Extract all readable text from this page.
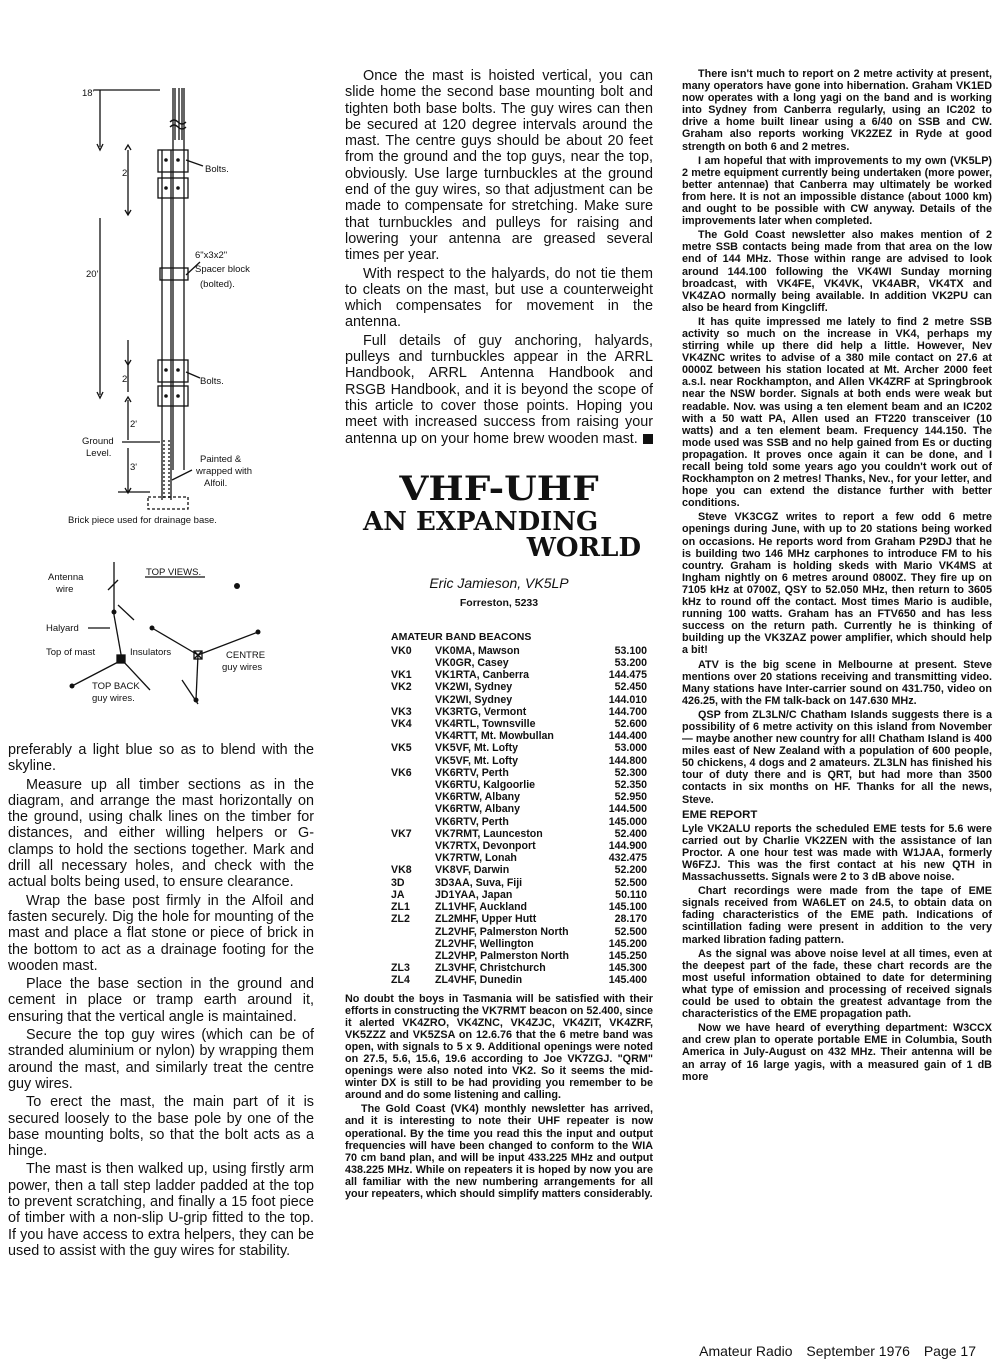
18'
2'	Bolts.
6"x3x2"
Spacer block
(bolted).
20'
2'	Bolts.
2'
Ground
Level.
3'
Painted &
wrapped with
Alfoil.
Brick piece used for drainage base.
Antenna
wire
TOP VIEWS.
Halyard
Top of mast	Insulators	CENTRE
guy wires
TOP BACK
guy wires.

preferably a light blue so as to blend with the skyline.

Measure up all timber sections as in the diagram, and arrange the mast horizontally on the ground, using chalk lines on the timber for distances, and either willing helpers or G-clamps to hold the sections together. Mark and drill all necessary holes, and check with the actual bolts being used, to ensure clearance.

Wrap the base post firmly in the Alfoil and fasten securely. Dig the hole for mounting of the mast and place a flat stone or piece of brick in the bottom to act as a drainage footing for the wooden mast.

Place the base section in the ground and cement in place or tramp earth around it, ensuring that the vertical angle is maintained.

Secure the top guy wires (which can be of stranded aluminium or nylon) by wrapping them around the mast, and similarly treat the centre guy wires.

To erect the mast, the main part of it is secured loosely to the base pole by one of the base mounting bolts, so that the bolt acts as a hinge.

The mast is then walked up, using firstly arm power, then a tall step ladder padded at the top to prevent scratching, and finally a 15 foot piece of timber with a non-slip U-grip fitted to the top. If you have access to extra helpers, they can be used to assist with the guy wires for stability.

Once the mast is hoisted vertical, you can slide home the second base mounting bolt and tighten both base bolts. The guy wires can then be secured at 120 degree intervals around the mast. The centre guys should be about 20 feet from the ground and the top guys, near the top, obviously. Use large turnbuckles at the ground end of the guy wires, so that adjustment can be made to compensate for stretching. Make sure that turnbuckles and pulleys for raising and lowering your antenna are greased several times per year.

With respect to the halyards, do not tie them to cleats on the mast, but use a counterweight which compensates for movement in the antenna.

Full details of guy anchoring, halyards, pulleys and turnbuckles appear in the ARRL Handbook, ARRL Antenna Handbook and RSGB Handbook, and it is beyond the scope of this article to cover those points. Hoping you meet with increased success from raising your antenna up on your home brew wooden mast.

VHF-UHF
AN EXPANDING
WORLD
Eric Jamieson, VK5LP
Forreston, 5233
AMATEUR BAND BEACONS
VK0	VK0MA, Mawson	53.100
	VK0GR, Casey	53.200
VK1	VK1RTA, Canberra	144.475
VK2	VK2WI, Sydney	52.450
	VK2WI, Sydney	144.010
VK3	VK3RTG, Vermont	144.700
VK4	VK4RTL, Townsville	52.600
	VK4RTT, Mt. Mowbullan	144.400
VK5	VK5VF, Mt. Lofty	53.000
	VK5VF, Mt. Lofty	144.800
VK6	VK6RTV, Perth	52.300
	VK6RTU, Kalgoorlie	52.350
	VK6RTW, Albany	52.950
	VK6RTW, Albany	144.500
	VK6RTV, Perth	145.000
VK7	VK7RMT, Launceston	52.400
	VK7RTX, Devonport	144.900
	VK7RTW, Lonah	432.475
VK8	VK8VF, Darwin	52.200
3D	3D3AA, Suva, Fiji	52.500
JA	JD1YAA, Japan	50.110
ZL1	ZL1VHF, Auckland	145.100
ZL2	ZL2MHF, Upper Hutt	28.170
	ZL2VHF, Palmerston North	52.500
	ZL2VHF, Wellington	145.200
	ZL2VHP, Palmerston North	145.250
ZL3	ZL3VHF, Christchurch	145.300
ZL4	ZL4VHF, Dunedin	145.400

No doubt the boys in Tasmania will be satisfied with their efforts in constructing the VK7RMT beacon on 52.400, since it alerted VK4ZRO, VK4ZNC, VK4ZJC, VK4ZIT, VK4ZRF, VK5ZZZ and VK5ZSA on 12.6.76 that the 6 metre band was open, with signals to 5 x 9. Additional openings were noted on 27.5, 5.6, 15.6, 19.6 according to Joe VK7ZGJ. "QRM" openings were also noted into VK2. So it seems the mid-winter DX is still to be had providing you remember to be around and do some listening and calling.

The Gold Coast (VK4) monthly newsletter has arrived, and it is interesting to note their UHF repeater is now operational. By the time you read this the input and output frequencies will have been changed to conform to the WIA 70 cm band plan, and will be input 433.225 MHz and output 438.225 MHz. While on repeaters it is hoped by now you are all familiar with the new numbering arrangements for all your repeaters, which should simplify matters considerably.

There isn't much to report on 2 metre activity at present, many operators have gone into hibernation. Graham VK1ED now operates with a long yagi on the band and is working into Sydney from Canberra regularly, using an IC202 to drive a home built linear using a 6/40 on SSB and CW. Graham also reports working VK2ZEZ in Ryde at good strength on both 6 and 2 metres.

I am hopeful that with improvements to my own (VK5LP) 2 metre equipment currently being undertaken (more power, better antennae) that Canberra may ultimately be worked from here. It is not an impossible distance (about 1000 km) and ought to be possible with CW anyway. Details of the improvements later when completed.

The Gold Coast newsletter also makes mention of 2 metre SSB contacts being made from that area on the low end of 144 MHz. Those within range are advised to look around 144.100 following the VK4WI Sunday morning broadcast, with VK4FE, VK4VK, VK4ABR, VK4TX and VK4ZAO normally being available. In addition VK2PU can also be heard from Kingcliff.

It has quite impressed me lately to find 2 metre SSB activity so much on the increase in VK4, perhaps my stirring while up there did help a little. However, Nev VK4ZNC writes to advise of a 380 mile contact on 27.6 at 0000Z between his station located at Mt. Archer 2000 feet a.s.l. near Rockhampton, and Allen VK4ZRF at Springbrook near the NSW border. Signals at both ends were weak but readable. Nov. was using a ten element beam and an IC202 with a 50 watt PA, Allen used an FT220 transceiver (10 watts) and a ten element beam. Frequency 144.150. The mode used was SSB and no help gained from Es or ducting propagation. It proves once again it can be done, and I recall being told some years ago you couldn't work out of Rockhampton on 2 metres! Thanks, Nev., for your letter, and hope you can extend the distance further with better conditions.

Steve VK3CGZ writes to report a few odd 6 metre openings during June, with up to 20 stations being worked on occasions. He reports word from Graham P29DJ that he is building two 146 MHz carphones to introduce FM to his country. Graham is holding skeds with Mario VK4MS at Ingham nightly on 6 metres around 0800Z. They fire up on 7105 kHz at 0700Z, QSY to 52.050 MHz, then return to 3605 kHz to round off the contact. Most times Mario is audible, running 100 watts. Graham has an FTV650 and has less success on the return path. Currently he is thinking of building up the VK3ZAZ power amplifier, which should help a bit!

ATV is the big scene in Melbourne at present. Steve mentions over 20 stations receiving and transmitting video. Many stations have Inter-carrier sound on 431.750, video on 426.25, with the FM talk-back on 147.630 MHz.

QSP from ZL3LN/C Chatham Islands suggests there is a possibility of 6 metre activity on this island from November — maybe another new country for all! Chatham Island is 400 miles east of New Zealand with a population of 600 people, 50 chickens, 4 dogs and 2 amateurs. ZL3LN has finished his tour of duty there and is QRT, but had more than 3500 contacts in six months on HF. Thanks for all the news, Steve.

EME REPORT

Lyle VK2ALU reports the scheduled EME tests for 5.6 were carried out by Charlie VK2ZEN with the assistance of Ian Proctor. A one hour test was made with W1JAA, formerly W6FZJ. This was the first contact at his new QTH in Massachussetts. Signals were 2 to 3 dB above noise.

Chart recordings were made from the tape of EME signals received from WA6LET on 24.5, to obtain data on fading characteristics of the EME path. Indications of scintillation fading were present in addition to the very marked libration fading pattern.

As the signal was above noise level at all times, even at the deepest part of the fade, these chart records are the most useful information obtained to date for determining what type of emission and processing of received signals could be used to obtain the greatest advantage from the characteristics of the EME propagation path.

Now we have heard of everything department: W3CCX and crew plan to operate portable EME in Columbia, South America in July-August on 432 MHz. Their antenna will be an array of 16 large yagis, with a measured gain of 1 dB more

Amateur Radio September 1976 Page 17
